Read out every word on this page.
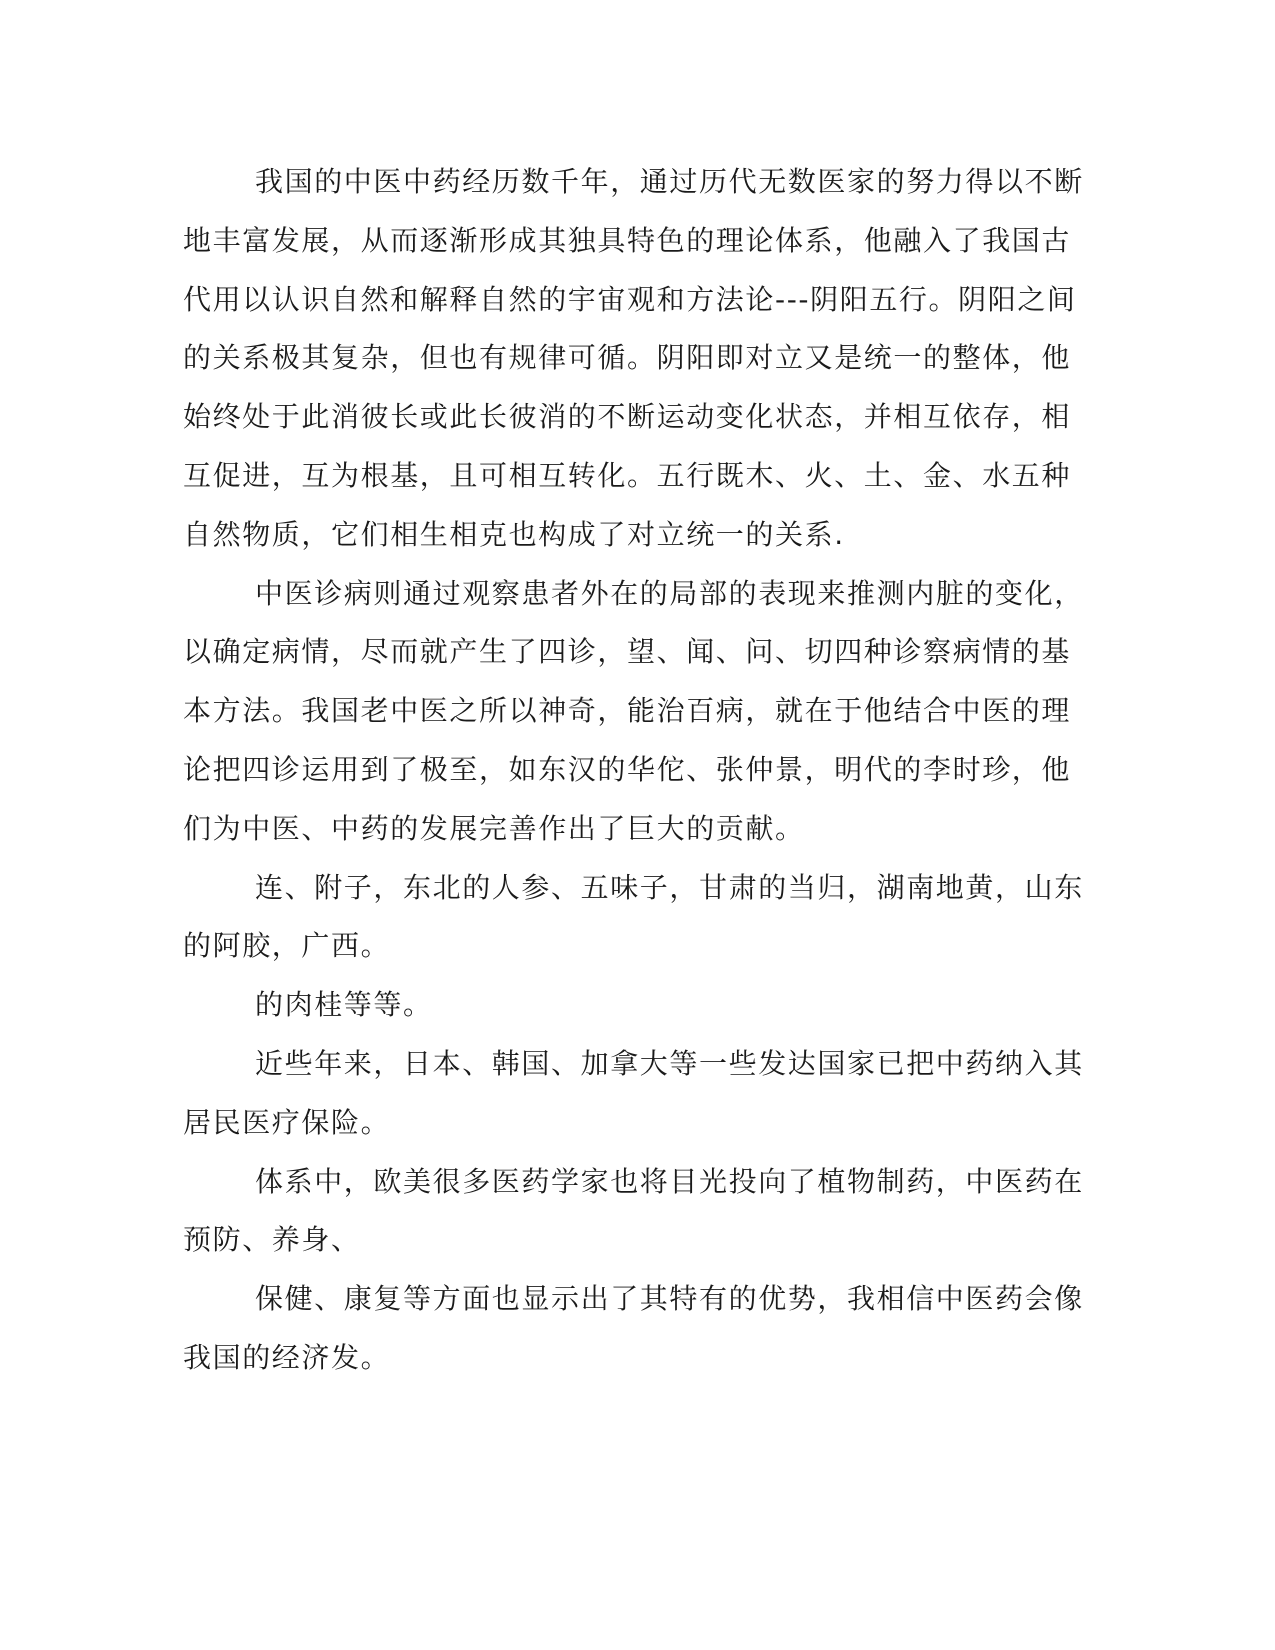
我国的中医中药经历数千年，通过历代无数医家的努力得以不断
地丰富发展，从而逐渐形成其独具特色的理论体系，他融入了我国古
代用以认识自然和解释自然的宇宙观和方法论---阴阳五行。阴阳之间
的关系极其复杂，但也有规律可循。阴阳即对立又是统一的整体，他
始终处于此消彼长或此长彼消的不断运动变化状态，并相互依存，相
互促进，互为根基，且可相互转化。五行既木、火、土、金、水五种
自然物质，它们相生相克也构成了对立统一的关系.

中医诊病则通过观察患者外在的局部的表现来推测内脏的变化，
以确定病情，尽而就产生了四诊，望、闻、问、切四种诊察病情的基
本方法。我国老中医之所以神奇，能治百病，就在于他结合中医的理
论把四诊运用到了极至，如东汉的华佗、张仲景，明代的李时珍，他
们为中医、中药的发展完善作出了巨大的贡献。

连、附子，东北的人参、五味子，甘肃的当归，湖南地黄，山东
的阿胶，广西。

的肉桂等等。

近些年来，日本、韩国、加拿大等一些发达国家已把中药纳入其
居民医疗保险。

体系中，欧美很多医药学家也将目光投向了植物制药，中医药在
预防、养身、

保健、康复等方面也显示出了其特有的优势，我相信中医药会像
我国的经济发。
